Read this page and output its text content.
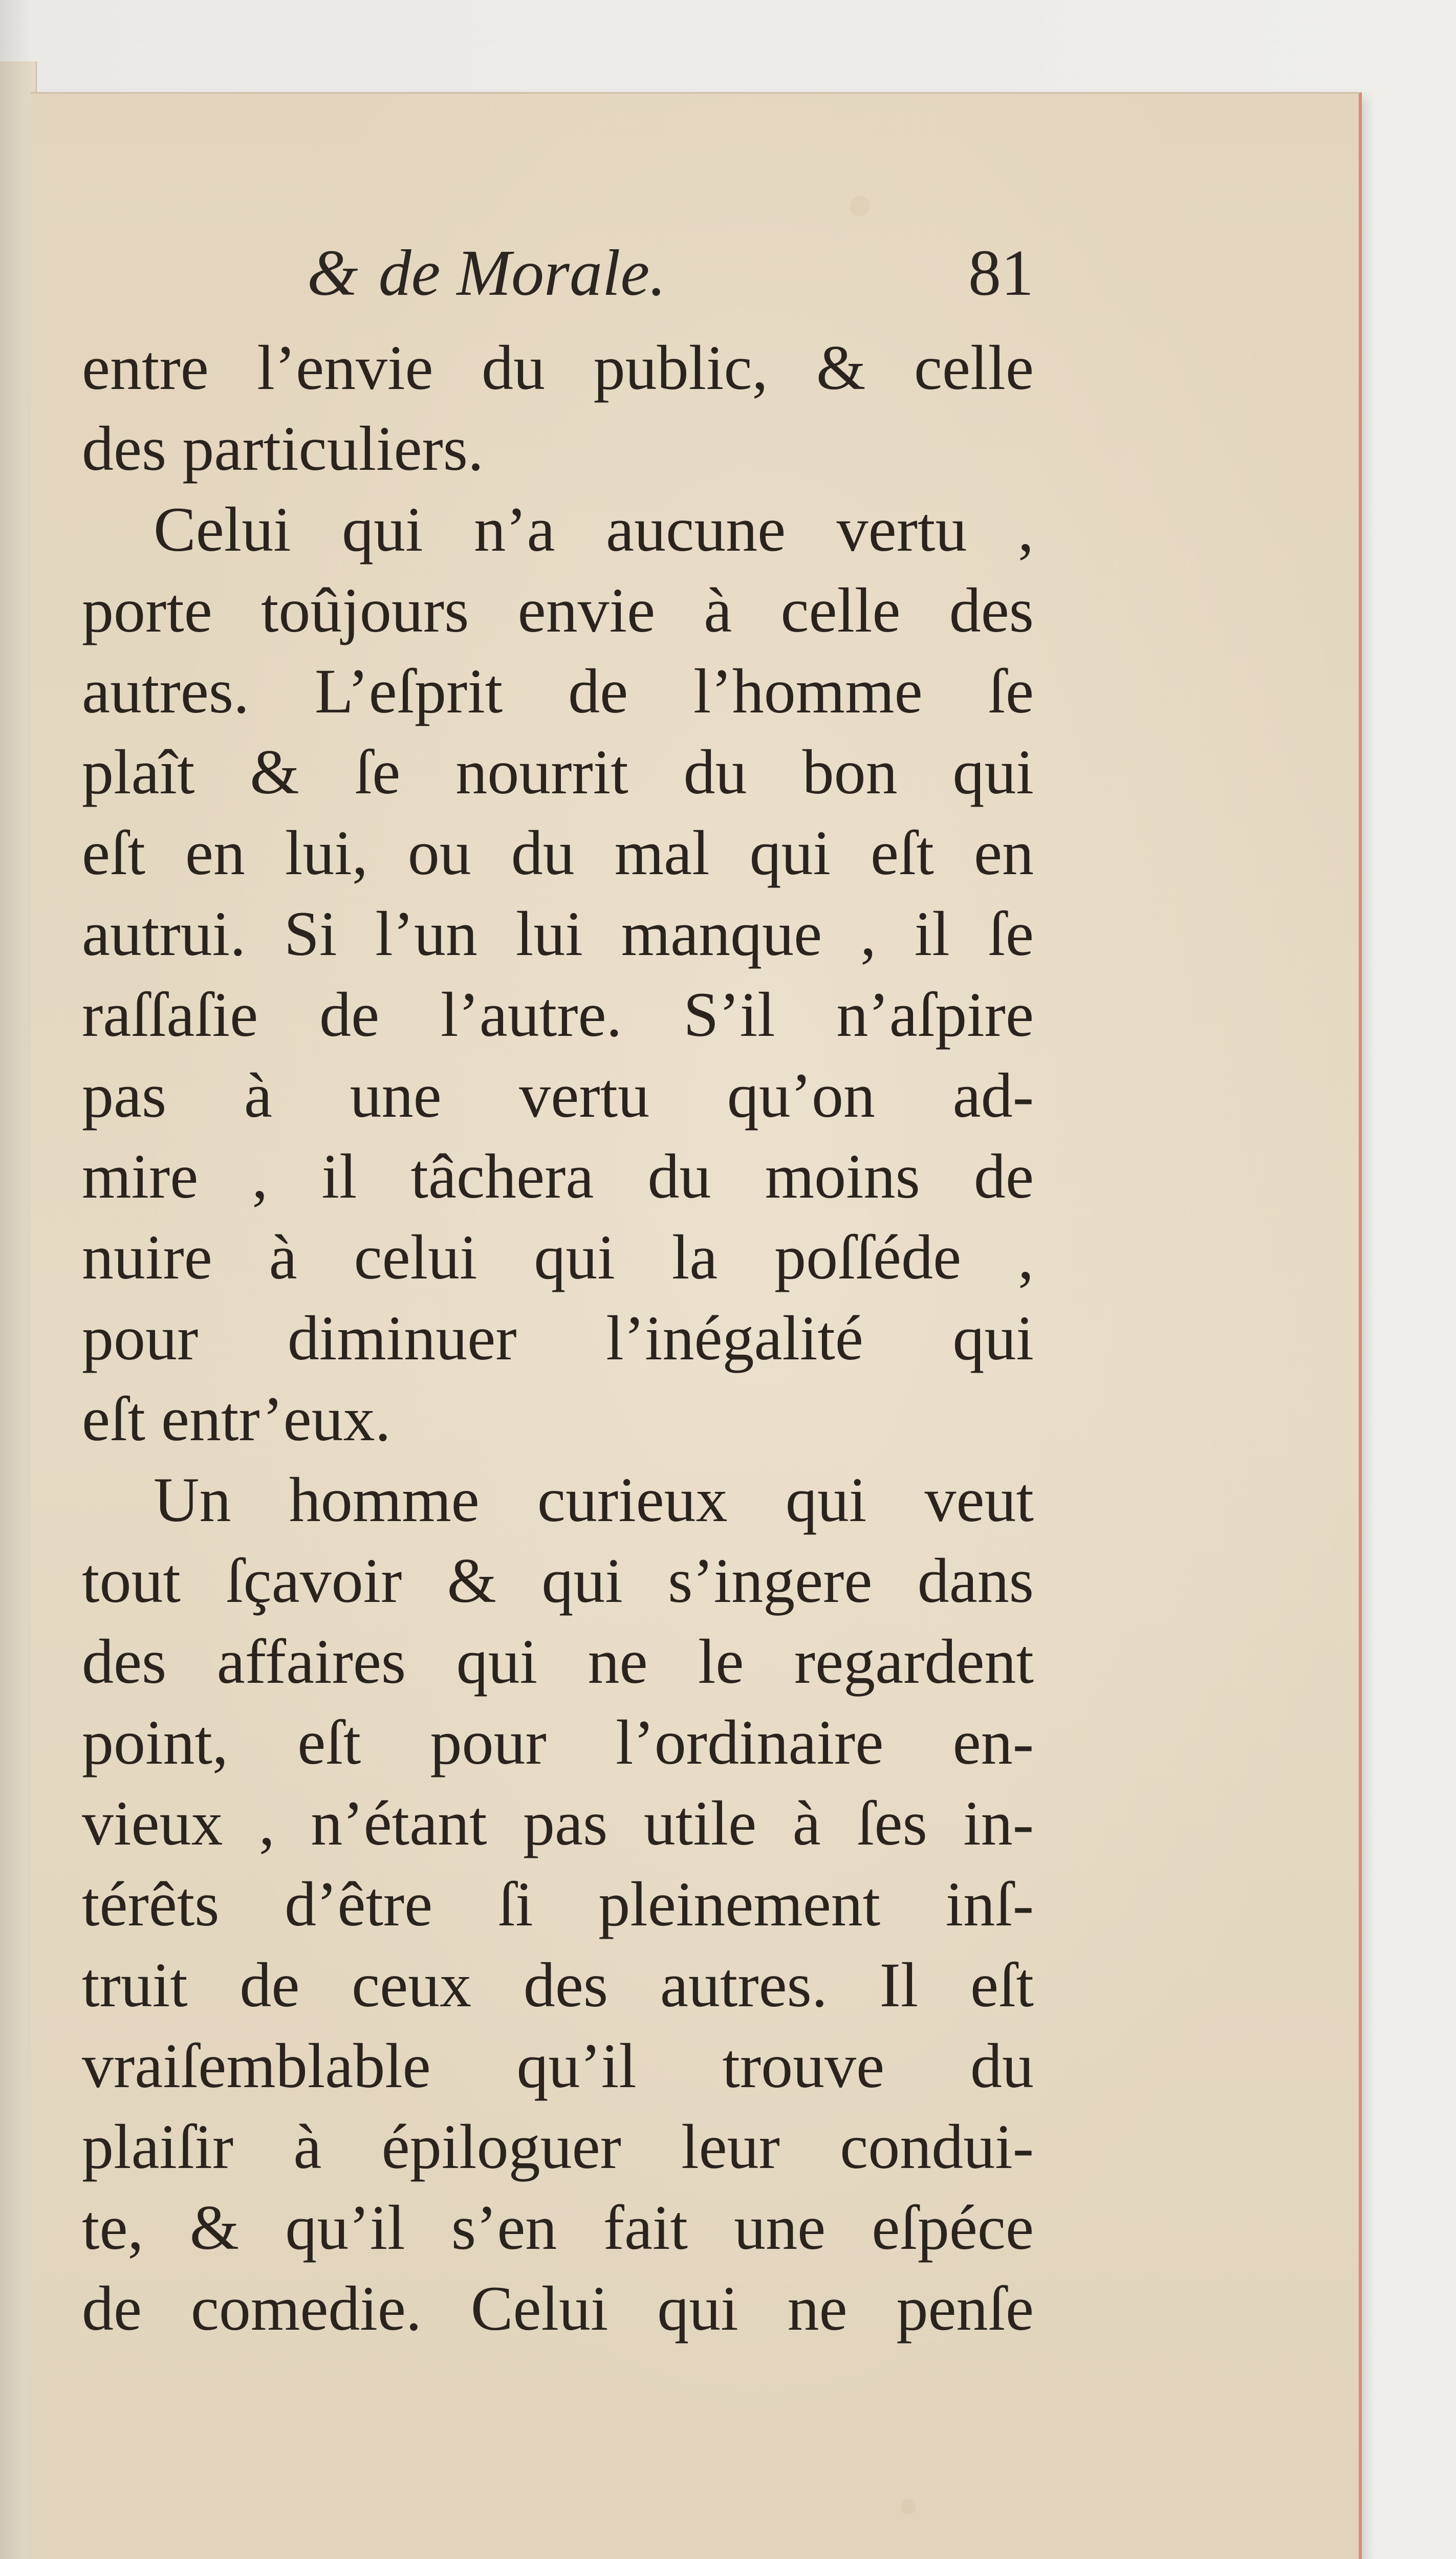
& de Morale.	81
entre l’envie du public, & celle
des particuliers.
Celui qui n’a aucune vertu ,
porte toûjours envie à celle des
autres. L’eſprit de l’homme ſe
plaît & ſe nourrit du bon qui
eſt en lui, ou du mal qui eſt en
autrui. Si l’un lui manque , il ſe
raſſaſie de l’autre. S’il n’aſpire
pas à une vertu qu’on ad-
mire , il tâchera du moins de
nuire à celui qui la poſſéde ,
pour diminuer l’inégalité qui
eſt entr’eux.
Un homme curieux qui veut
tout ſçavoir & qui s’ingere dans
des affaires qui ne le regardent
point, eſt pour l’ordinaire en-
vieux , n’étant pas utile à ſes in-
térêts d’être ſi pleinement inſ-
truit de ceux des autres. Il eſt
vraiſemblable qu’il trouve du
plaiſir à épiloguer leur condui-
te, & qu’il s’en fait une eſpéce
de comedie. Celui qui ne penſe
